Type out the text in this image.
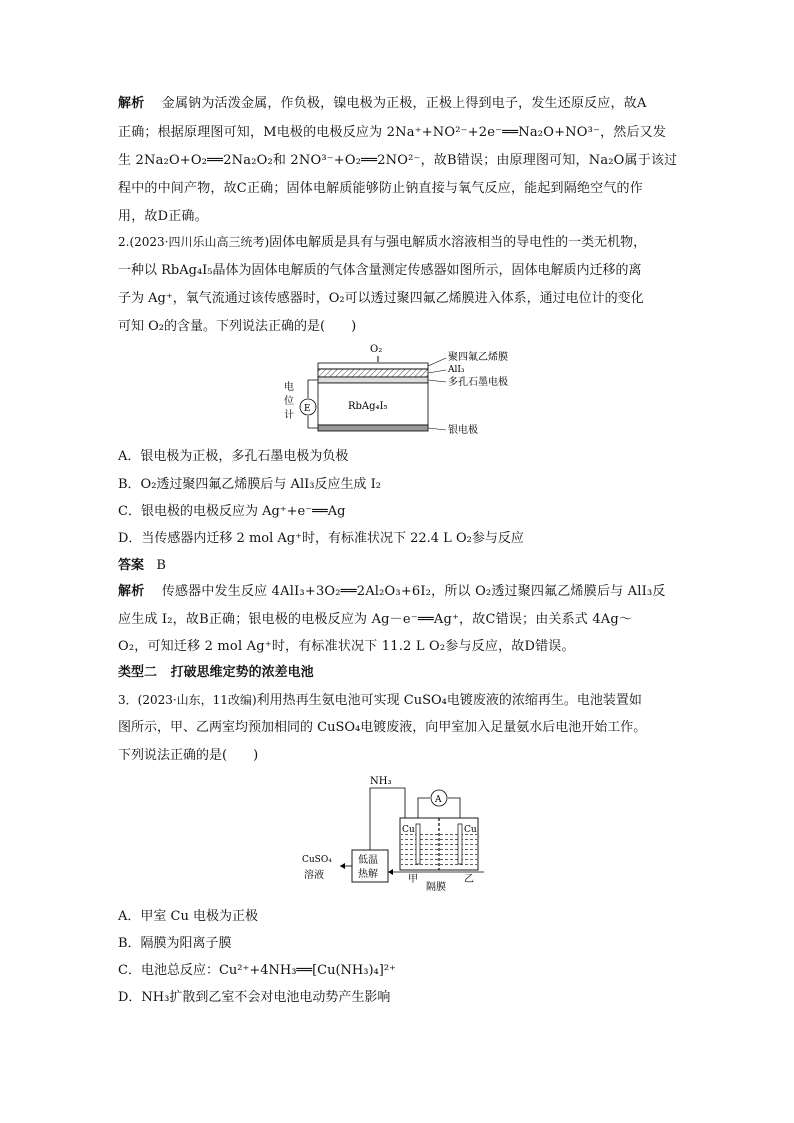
解析 金属钠为活泼金属，作负极，镍电极为正极，正极上得到电子，发生还原反应，故A
正确；根据原理图可知，M电极的电极反应为 2Na⁺+NO²⁻+2e⁻══Na₂O+NO³⁻，然后又发
生 2Na₂O+O₂══2Na₂O₂和 2NO³⁻+O₂══2NO²⁻，故B错误；由原理图可知，Na₂O属于该过
程中的中间产物，故C正确；固体电解质能够防止钠直接与氧气反应，能起到隔绝空气的作
用，故D正确。
2.(2023·四川乐山高三统考)固体电解质是具有与强电解质水溶液相当的导电性的一类无机物，
一种以 RbAg₄I₅晶体为固体电解质的气体含量测定传感器如图所示，固体电解质内迁移的离
子为 Ag⁺，氧气流通过该传感器时，O₂可以透过聚四氟乙烯膜进入体系，通过电位计的变化
可知 O₂的含量。下列说法正确的是(　　)
O₂
RbAg₄I₅
聚四氟乙烯膜
AlI₃
多孔石墨电极
银电极
E
电
位
计
A．银电极为正极，多孔石墨电极为负极
B．O₂透过聚四氟乙烯膜后与 AlI₃反应生成 I₂
C．银电极的电极反应为 Ag⁺+e⁻══Ag
D．当传感器内迁移 2 mol Ag⁺时，有标准状况下 22.4 L O₂参与反应
答案 B
解析 传感器中发生反应 4AlI₃+3O₂══2Al₂O₃+6I₂，所以 O₂透过聚四氟乙烯膜后与 AlI₃反
应生成 I₂，故B正确；银电极的电极反应为 Ag－e⁻══Ag⁺，故C错误；由关系式 4Ag～
O₂，可知迁移 2 mol Ag⁺时，有标准状况下 11.2 L O₂参与反应，故D错误。
类型二 打破思维定势的浓差电池
3．(2023·山东，11改编)利用热再生氨电池可实现 CuSO₄电镀废液的浓缩再生。电池装置如
图所示，甲、乙两室均预加相同的 CuSO₄电镀废液，向甲室加入足量氨水后电池开始工作。
下列说法正确的是(　　)
NH₃
A
Cu	Cu
低温
热解
CuSO₄
溶液	甲
隔膜
乙
A．甲室 Cu 电极为正极
B．隔膜为阳离子膜
C．电池总反应：Cu²⁺+4NH₃══[Cu(NH₃)₄]²⁺
D．NH₃扩散到乙室不会对电池电动势产生影响
